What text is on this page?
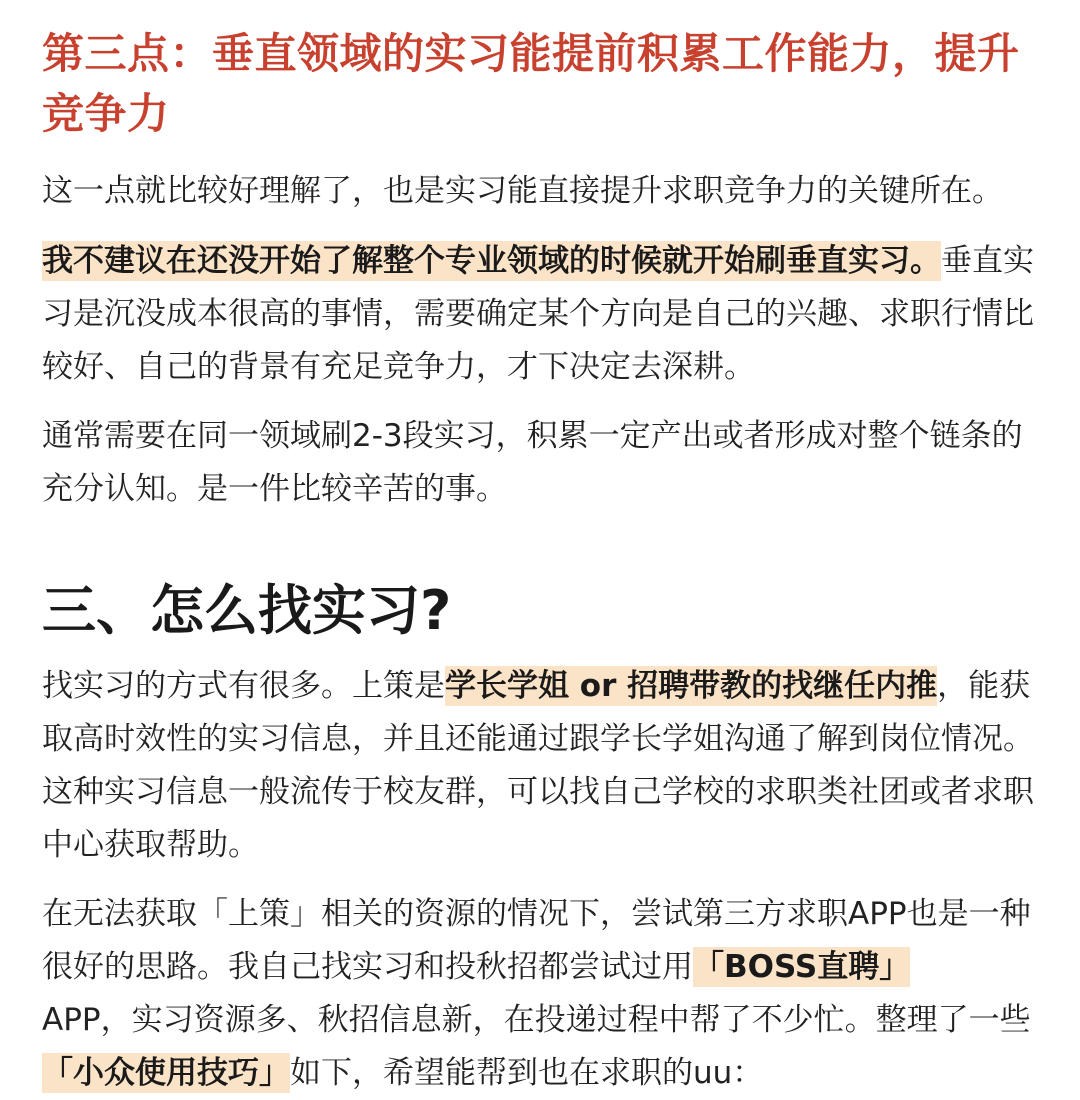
第三点：垂直领域的实习能提前积累工作能力，提升竞争力

这一点就比较好理解了，也是实习能直接提升求职竞争力的关键所在。

我不建议在还没开始了解整个专业领域的时候就开始刷垂直实习。垂直实习是沉没成本很高的事情，需要确定某个方向是自己的兴趣、求职行情比较好、自己的背景有充足竞争力，才下决定去深耕。

通常需要在同一领域刷2-3段实习，积累一定产出或者形成对整个链条的充分认知。是一件比较辛苦的事。

三、怎么找实习?

找实习的方式有很多。上策是学长学姐 or 招聘带教的找继任内推，能获取高时效性的实习信息，并且还能通过跟学长学姐沟通了解到岗位情况。这种实习信息一般流传于校友群，可以找自己学校的求职类社团或者求职中心获取帮助。

在无法获取「上策」相关的资源的情况下，尝试第三方求职APP也是一种很好的思路。我自己找实习和投秋招都尝试过用「BOSS直聘」
APP，实习资源多、秋招信息新，在投递过程中帮了不少忙。整理了一些「小众使用技巧」如下，希望能帮到也在求职的uu：
